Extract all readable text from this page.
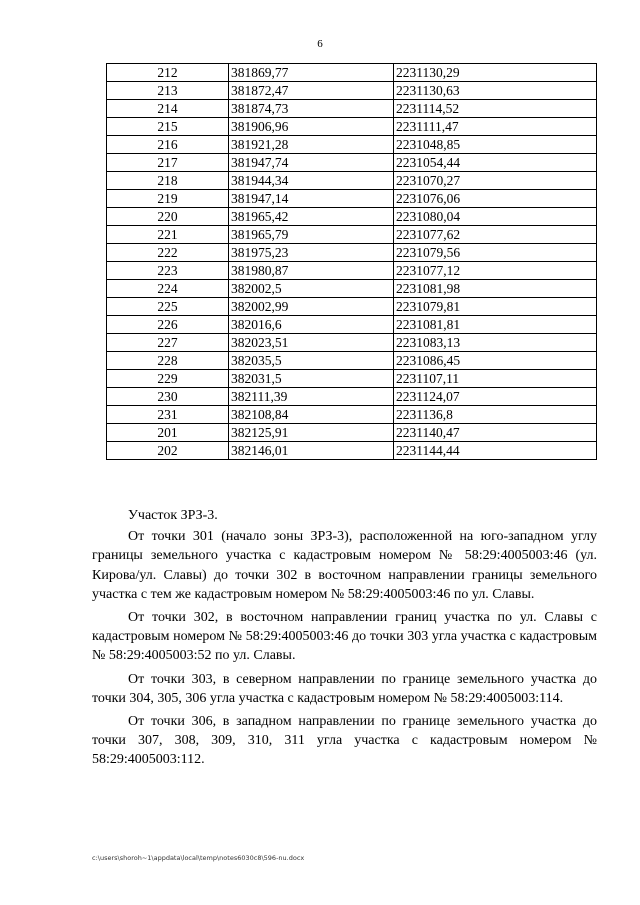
6
212	381869,77	2231130,29
213	381872,47	2231130,63
214	381874,73	2231114,52
215	381906,96	2231111,47
216	381921,28	2231048,85
217	381947,74	2231054,44
218	381944,34	2231070,27
219	381947,14	2231076,06
220	381965,42	2231080,04
221	381965,79	2231077,62
222	381975,23	2231079,56
223	381980,87	2231077,12
224	382002,5	2231081,98
225	382002,99	2231079,81
226	382016,6	2231081,81
227	382023,51	2231083,13
228	382035,5	2231086,45
229	382031,5	2231107,11
230	382111,39	2231124,07
231	382108,84	2231136,8
201	382125,91	2231140,47
202	382146,01	2231144,44

Участок ЗРЗ-3.

От точки 301 (начало зоны ЗРЗ-3), расположенной на юго-западном углу границы земельного участка с кадастровым номером № 58:29:4005003:46 (ул. Кирова/ул. Славы) до точки 302 в восточном направлении границы земельного участка с тем же кадастровым номером № 58:29:4005003:46 по ул. Славы.

От точки 302, в восточном направлении границ участка по ул. Славы с кадастровым номером № 58:29:4005003:46 до точки 303 угла участка с кадастровым № 58:29:4005003:52 по ул. Славы.

От точки 303, в северном направлении по границе земельного участка до точки 304, 305, 306 угла участка с кадастровым номером № 58:29:4005003:114.

От точки 306, в западном направлении по границе земельного участка до точки 307, 308, 309, 310, 311 угла участка с кадастровым номером № 58:29:4005003:112.

c:\users\shoroh~1\appdata\local\temp\notes6030c8\596-nu.docx
